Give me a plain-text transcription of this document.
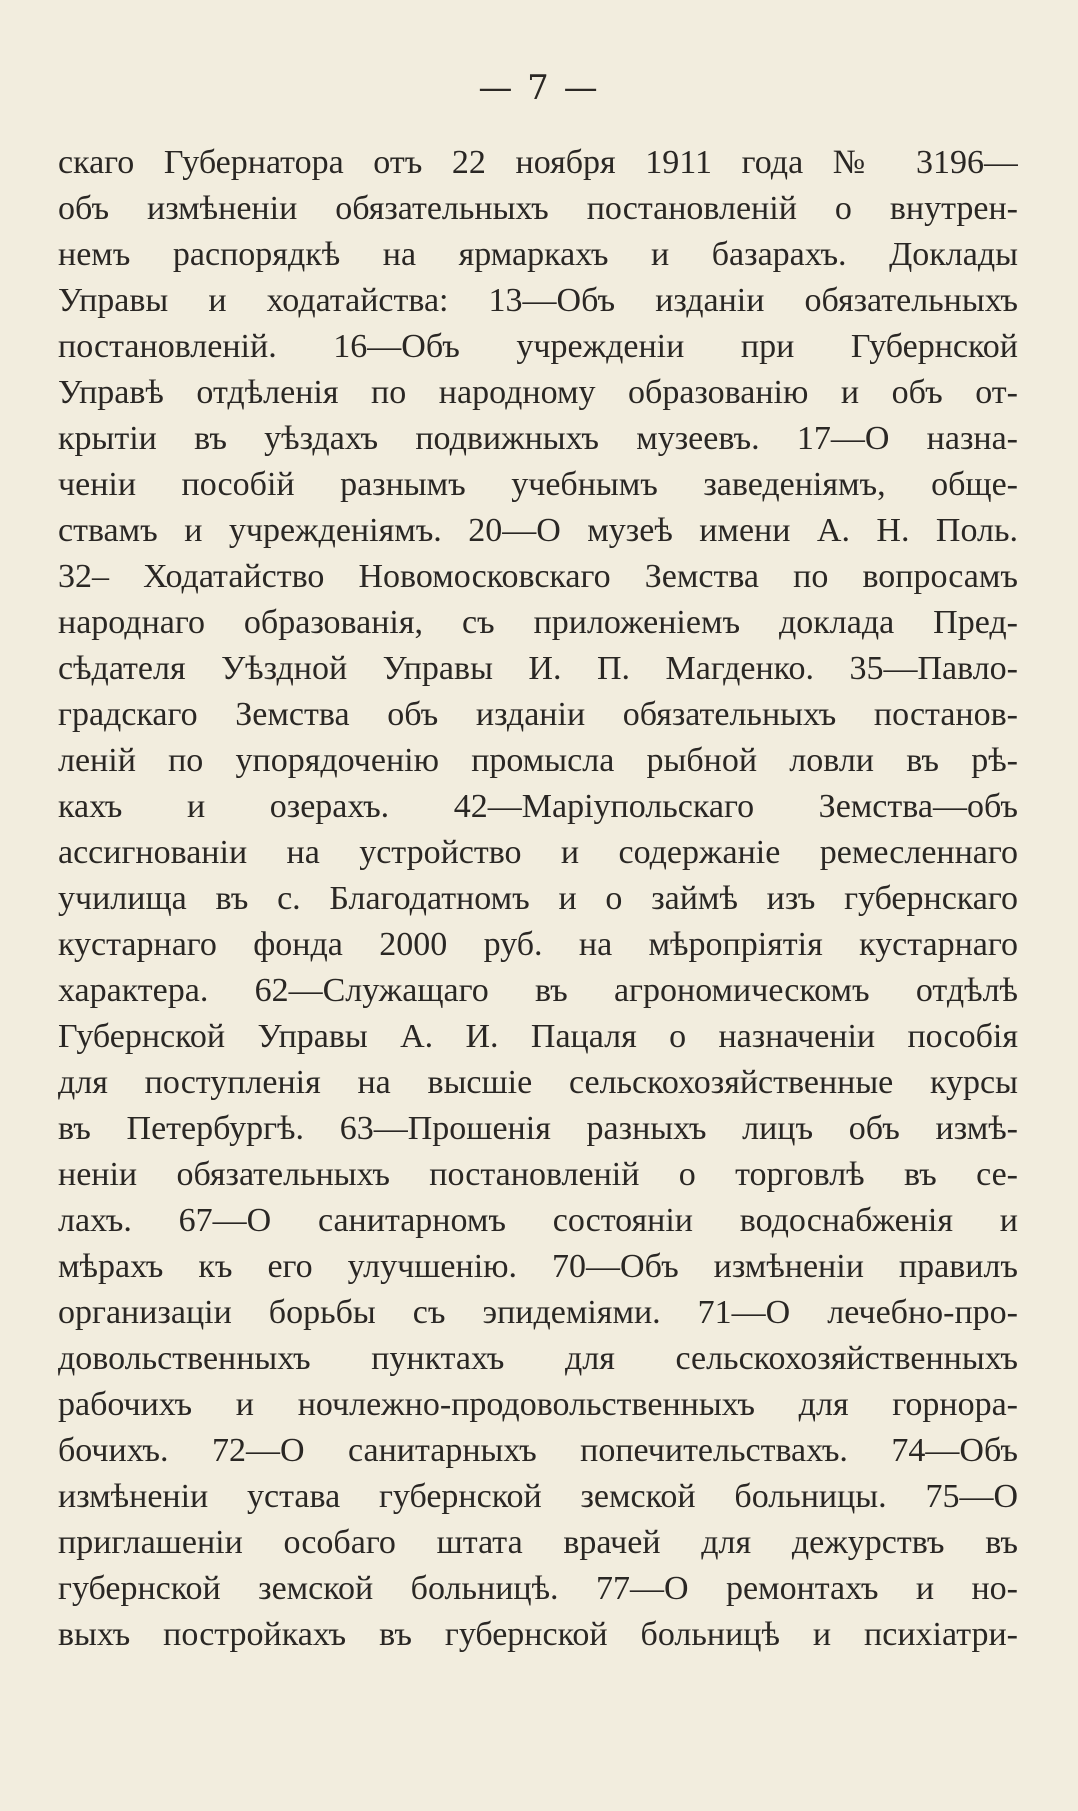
— 7 —
скаго Губернатора отъ 22 ноября 1911 года № 3196—
объ измѣненіи обязательныхъ постановленій о внутрен-
немъ распорядкѣ на ярмаркахъ и базарахъ. Доклады
Управы и ходатайства: 13—Объ изданіи обязательныхъ
постановленій. 16—Объ учрежденіи при Губернской
Управѣ отдѣленія по народному образованію и объ от-
крытіи въ уѣздахъ подвижныхъ музеевъ. 17—О назна-
ченіи пособій разнымъ учебнымъ заведеніямъ, обще-
ствамъ и учрежденіямъ. 20—О музеѣ имени А. Н. Поль.
32– Ходатайство Новомосковскаго Земства по вопросамъ
народнаго образованія, съ приложеніемъ доклада Пред-
сѣдателя Уѣздной Управы И. П. Магденко. 35—Павло-
градскаго Земства объ изданіи обязательныхъ постанов-
леній по упорядоченію промысла рыбной ловли въ рѣ-
кахъ и озерахъ. 42—Маріупольскаго Земства—объ
ассигнованіи на устройство и содержаніе ремесленнаго
училища въ с. Благодатномъ и о займѣ изъ губернскаго
кустарнаго фонда 2000 руб. на мѣропріятія кустарнаго
характера. 62—Служащаго въ агрономическомъ отдѣлѣ
Губернской Управы А. И. Пацаля о назначеніи пособія
для поступленія на высшіе сельскохозяйственные курсы
въ Петербургѣ. 63—Прошенія разныхъ лицъ объ измѣ-
неніи обязательныхъ постановленій о торговлѣ въ се-
лахъ. 67—О санитарномъ состояніи водоснабженія и
мѣрахъ къ его улучшенію. 70—Объ измѣненіи правилъ
организаціи борьбы съ эпидеміями. 71—О лечебно-про-
довольственныхъ пунктахъ для сельскохозяйственныхъ
рабочихъ и ночлежно-продовольственныхъ для горнора-
бочихъ. 72—О санитарныхъ попечительствахъ. 74—Объ
измѣненіи устава губернской земской больницы. 75—О
приглашеніи особаго штата врачей для дежурствъ въ
губернской земской больницѣ. 77—О ремонтахъ и но-
выхъ постройкахъ въ губернской больницѣ и психіатри-
